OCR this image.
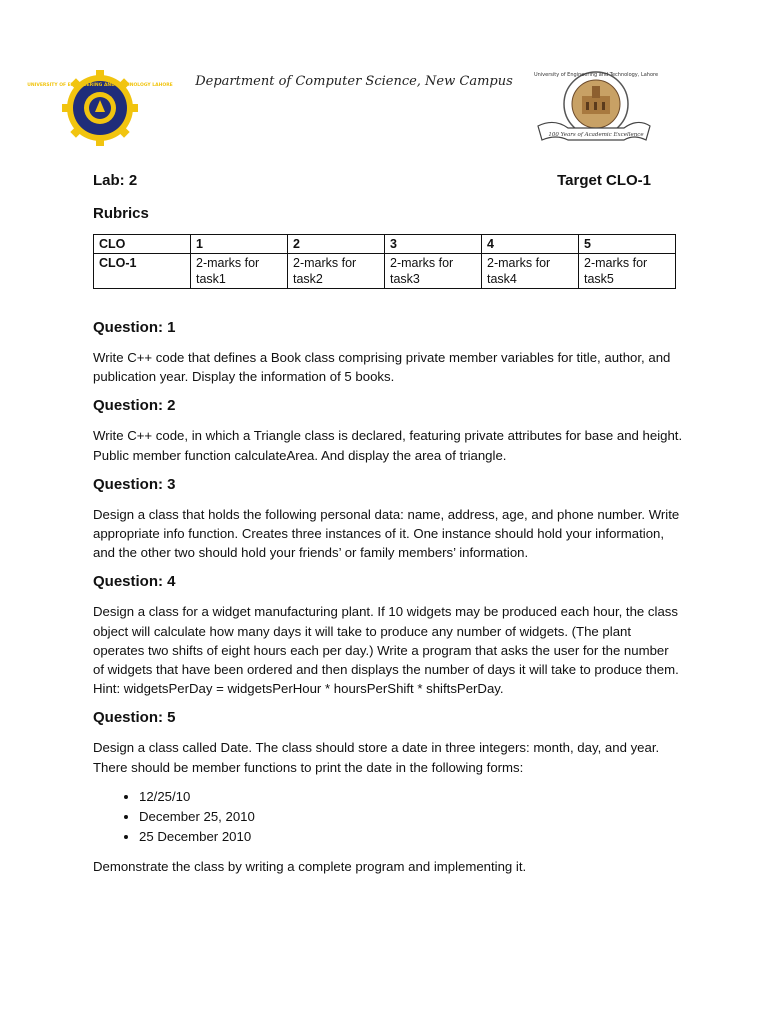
UNIVERSITY OF ENGINEERING AND TECHNOLOGY LAHORE	Department of Computer Science, New Campus	University of Engineering and Technology, Lahore
100 Years of Academic Excellence
Lab: 2	Target CLO-1
Rubrics
CLO	1	2	3	4	5
CLO-1	2-marks for task1	2-marks for task2	2-marks for task3	2-marks for task4	2-marks for task5
Question: 1

Write C++ code that defines a Book class comprising private member variables for title, author, and publication year. Display the information of 5 books.

Question: 2

Write C++ code, in which a Triangle class is declared, featuring private attributes for base and height. Public member function calculateArea. And display the area of triangle.

Question: 3

Design a class that holds the following personal data: name, address, age, and phone number. Write appropriate info function. Creates three instances of it. One instance should hold your information, and the other two should hold your friends’ or family members’ information.

Question: 4

Design a class for a widget manufacturing plant. If 10 widgets may be produced each hour, the class object will calculate how many days it will take to produce any number of widgets. (The plant operates two shifts of eight hours each per day.) Write a program that asks the user for the number of widgets that have been ordered and then displays the number of days it will take to produce them. Hint: widgetsPerDay = widgetsPerHour * hoursPerShift * shiftsPerDay.

Question: 5

Design a class called Date. The class should store a date in three integers: month, day, and year. There should be member functions to print the date in the following forms:

• 12/25/10
• December 25, 2010
• 25 December 2010

Demonstrate the class by writing a complete program and implementing it.
